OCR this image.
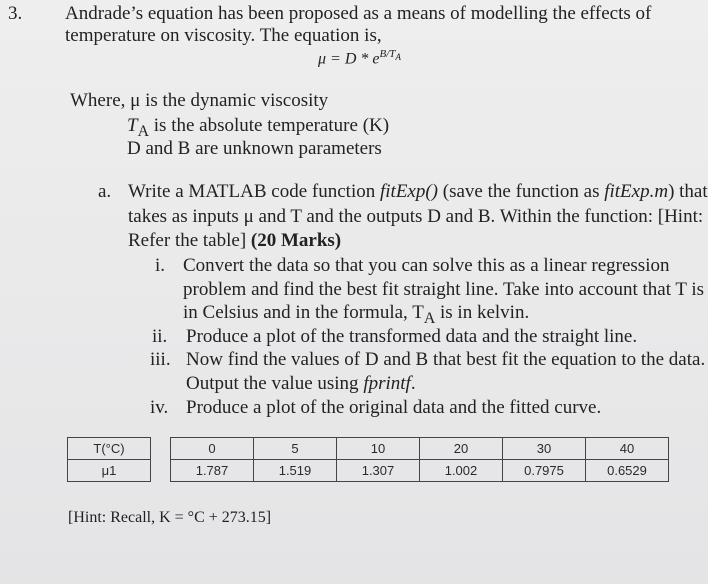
3. Andrade’s equation has been proposed as a means of modelling the effects of
temperature on viscosity. The equation is,
$\mu = D * e^{B/T_A}$
Where, μ is the dynamic viscosity
$T_A$ is the absolute temperature (K)
D and B are unknown parameters
a. Write a MATLAB code function fitExp() (save the function as fitExp.m) that
takes as inputs μ and T and the outputs D and B. Within the function: [Hint:
Refer the table] (20 Marks)
i. Convert the data so that you can solve this as a linear regression
problem and find the best fit straight line. Take into account that T is
in Celsius and in the formula, $T_A$ is in kelvin.
ii. Produce a plot of the transformed data and the straight line.
iii. Now find the values of D and B that best fit the equation to the data.
Output the value using fprintf.
iv. Produce a plot of the original data and the fitted curve.
T(°C)		0	5	10	20	30	40
μ1		1.787	1.519	1.307	1.002	0.7975	0.6529
[Hint: Recall, K = °C + 273.15]
